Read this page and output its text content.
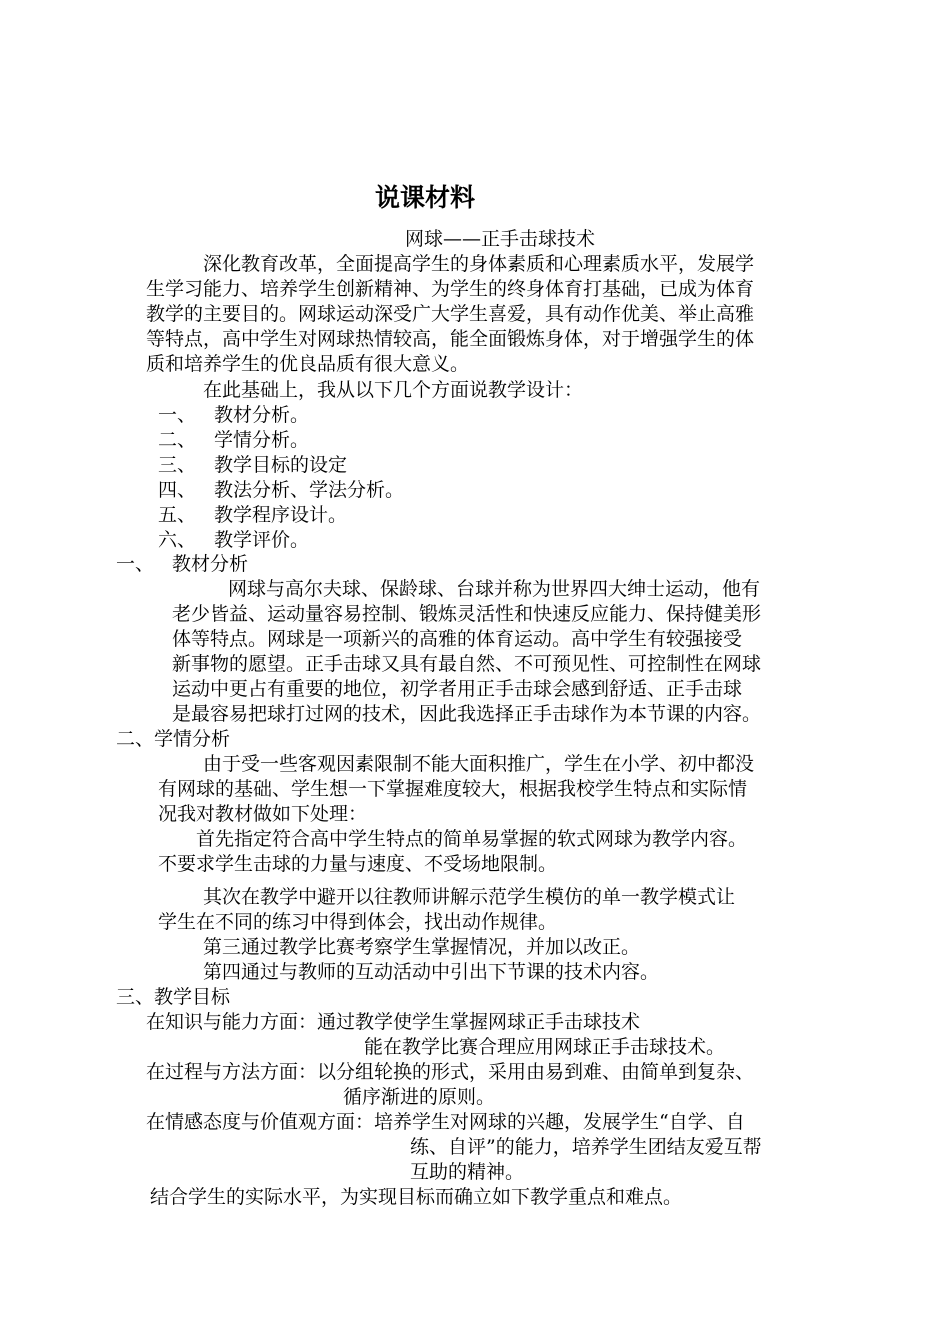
说课材料
网球——正手击球技术
深化教育改革，全面提高学生的身体素质和心理素质水平，发展学
生学习能力、培养学生创新精神、为学生的终身体育打基础，已成为体育
教学的主要目的。网球运动深受广大学生喜爱，具有动作优美、举止高雅
等特点，高中学生对网球热情较高，能全面锻炼身体，对于增强学生的体
质和培养学生的优良品质有很大意义。
在此基础上，我从以下几个方面说教学设计：
一、 教材分析。
二、 学情分析。
三、 教学目标的设定
四、 教法分析、学法分析。
五、 教学程序设计。
六、 教学评价。
一、 教材分析
网球与高尔夫球、保龄球、台球并称为世界四大绅士运动，他有
老少皆益、运动量容易控制、锻炼灵活性和快速反应能力、保持健美形
体等特点。网球是一项新兴的高雅的体育运动。高中学生有较强接受
新事物的愿望。正手击球又具有最自然、不可预见性、可控制性在网球
运动中更占有重要的地位，初学者用正手击球会感到舒适、正手击球
是最容易把球打过网的技术，因此我选择正手击球作为本节课的内容。
二、学情分析
由于受一些客观因素限制不能大面积推广，学生在小学、初中都没
有网球的基础、学生想一下掌握难度较大，根据我校学生特点和实际情
况我对教材做如下处理：
首先指定符合高中学生特点的简单易掌握的软式网球为教学内容。
不要求学生击球的力量与速度、不受场地限制。
其次在教学中避开以往教师讲解示范学生模仿的单一教学模式让
学生在不同的练习中得到体会，找出动作规律。
第三通过教学比赛考察学生掌握情况，并加以改正。
第四通过与教师的互动活动中引出下节课的技术内容。
三、教学目标
在知识与能力方面：通过教学使学生掌握网球正手击球技术
能在教学比赛合理应用网球正手击球技术。
在过程与方法方面：以分组轮换的形式，采用由易到难、由简单到复杂、
循序渐进的原则。
在情感态度与价值观方面：培养学生对网球的兴趣，发展学生“自学、自
练、自评”的能力，培养学生团结友爱互帮
互助的精神。
结合学生的实际水平，为实现目标而确立如下教学重点和难点。
